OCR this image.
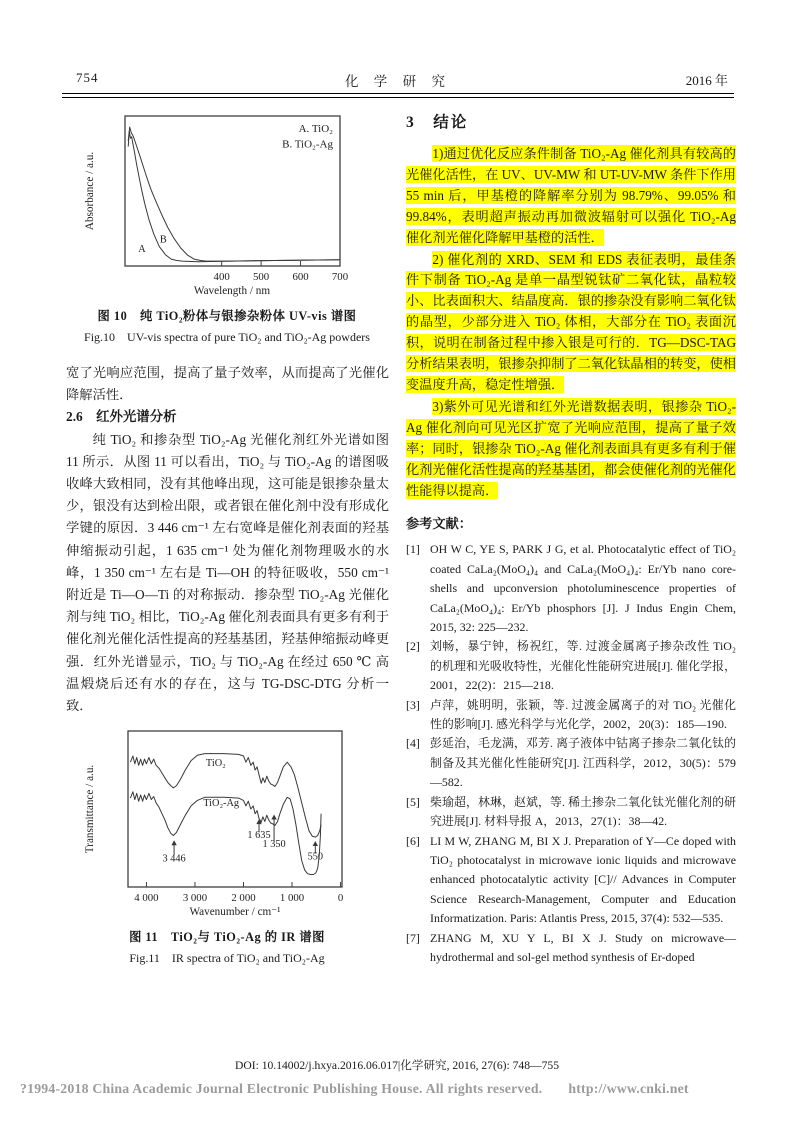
754	化 学 研 究	2016 年
Absorbance / a.u.
Wavelength / nm
400 500 600 700
A. TiO₂
B. TiO₂-Ag
A
B
图 10　纯 TiO₂粉体与银掺杂粉体 UV-vis 谱图
Fig.10　UV-vis spectra of pure TiO₂ and TiO₂-Ag powders

宽了光响应范围，提高了量子效率，从而提高了光催化降解活性．

2.6　红外光谱分析

纯 TiO₂ 和掺杂型 TiO₂-Ag 光催化剂红外光谱如图 11 所示．从图 11 可以看出，TiO₂ 与 TiO₂-Ag 的谱图吸收峰大致相同，没有其他峰出现，这可能是银掺杂量太少，银没有达到检出限，或者银在催化剂中没有形成化学键的原因．3 446 cm⁻¹ 左右宽峰是催化剂表面的羟基伸缩振动引起，1 635 cm⁻¹ 处为催化剂物理吸水的水峰，1 350 cm⁻¹ 左右是 Ti—OH 的特征吸收，550 cm⁻¹ 附近是 Ti—O—Ti 的对称振动．掺杂型 TiO₂-Ag 光催化剂与纯 TiO₂ 相比，TiO₂-Ag 催化剂表面具有更多有利于催化剂光催化活性提高的羟基基团，羟基伸缩振动峰更强．红外光谱显示，TiO₂ 与 TiO₂-Ag 在经过 650 ℃ 高温煅烧后还有水的存在，这与 TG-DSC-DTG 分析一致．

Transmittance / a.u.
Wavenumber / cm⁻¹
4 000 3 000 2 000 1 000	0
TiO₂
TiO₂-Ag
3 446
1 635
1 350
550
图 11　TiO₂与 TiO₂-Ag 的 IR 谱图
Fig.11　IR spectra of TiO₂ and TiO₂-Ag
3　结论

1)通过优化反应条件制备 TiO₂-Ag 催化剂具有较高的光催化活性，在 UV、UV-MW 和 UT-UV-MW 条件下作用 55 min 后，甲基橙的降解率分别为 98.79%、99.05% 和 99.84%，表明超声振动再加微波辐射可以强化 TiO₂-Ag 催化剂光催化降解甲基橙的活性．

2) 催化剂的 XRD、SEM 和 EDS 表征表明，最佳条件下制备 TiO₂-Ag 是单一晶型锐钛矿二氧化钛，晶粒较小、比表面积大、结晶度高．银的掺杂没有影响二氧化钛的晶型，少部分进入 TiO₂ 体相，大部分在 TiO₂ 表面沉积，说明在制备过程中掺入银是可行的．TG—DSC-TAG 分析结果表明，银掺杂抑制了二氧化钛晶相的转变，使相变温度升高，稳定性增强．

3)紫外可见光谱和红外光谱数据表明，银掺杂 TiO₂-Ag 催化剂向可见光区扩宽了光响应范围，提高了量子效率；同时，银掺杂 TiO₂-Ag 催化剂表面具有更多有利于催化剂光催化活性提高的羟基基团，都会使催化剂的光催化性能得以提高．

参考文献：
[1] OH W C, YE S, PARK J G, et al. Photocatalytic effect of TiO₂ coated CaLa₂(MoO₄)₄ and CaLa₂(MoO₄)₄: Er/Yb nano core-shells and upconversion photoluminescence properties of CaLa₂(MoO₄)₄: Er/Yb phosphors [J]. J Indus Engin Chem, 2015, 32: 225—232.
[2] 刘畅，暴宁钟，杨祝红，等. 过渡金属离子掺杂改性 TiO₂ 的机理和光吸收特性，光催化性能研究进展[J]. 催化学报，2001，22(2)：215—218.
[3] 卢萍，姚明明，张颖，等. 过渡金属离子的对 TiO₂ 光催化性的影响[J]. 感光科学与光化学，2002，20(3)：185—190.
[4] 彭延治，毛龙满，邓芳. 离子液体中钴离子掺杂二氧化钛的制备及其光催化性能研究[J]. 江西科学，2012，30(5)：579—582.
[5] 柴瑜超，林琳，赵斌，等. 稀土掺杂二氧化钛光催化剂的研究进展[J]. 材料导报 A，2013，27(1)：38—42.
[6] LI M W, ZHANG M, BI X J. Preparation of Y—Ce doped with TiO₂ photocatalyst in microwave ionic liquids and microwave enhanced photocatalytic activity [C]// Advances in Computer Science Research-Management, Computer and Education Informatization. Paris: Atlantis Press, 2015, 37(4): 532—535.
[7] ZHANG M, XU Y L, BI X J. Study on microwave—hydrothermal and sol-gel method synthesis of Er-doped
DOI: 10.14002/j.hxya.2016.06.017|化学研究, 2016, 27(6): 748—755
?1994-2018 China Academic Journal Electronic Publishing House. All rights reserved. http://www.cnki.net
